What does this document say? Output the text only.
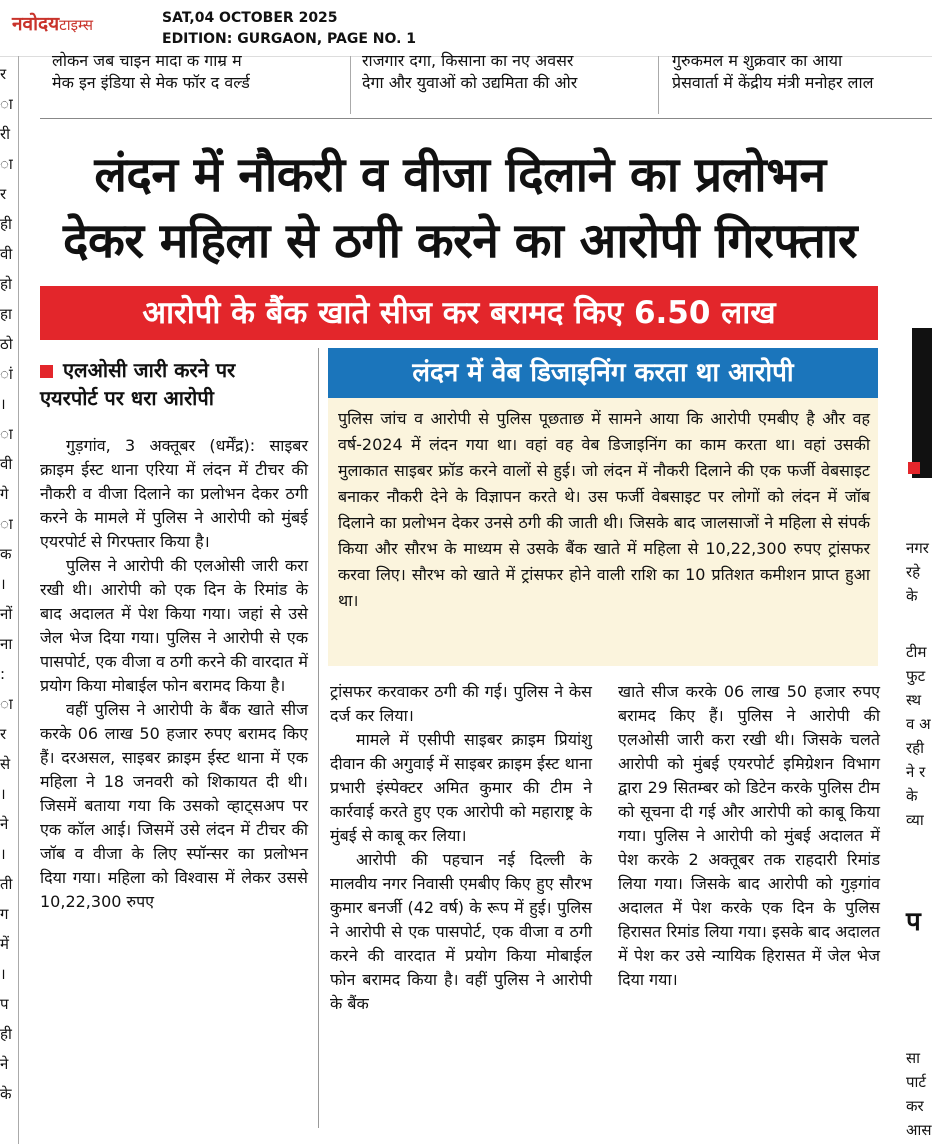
नवोदयटाइम्स	SAT,04 OCTOBER 2025
EDITION: GURGAON, PAGE NO. 1
लोकन जब चाइन मादा क गाम्र म
मेक इन इंडिया से मेक फॉर द वर्ल्ड
राजगार दगा, किसाना का नए अवसर
देगा और युवाओं को उद्यमिता की ओर
गुरुकमल म शुक्रवार का आया
प्रेसवार्ता में केंद्रीय मंत्री मनोहर लाल
र
ा
री
ा
र
ही
वी
हो
हा
ठो
ां
।
ा
वी
गे
ा
क
।
नों
ना
:
ा
र
से
।
ने
।
ती
ग
में
।
प
ही
ने
के
नगर
रहे
के
टीम
फुट
स्थ
व अ
रही
ने र
के
व्या
प
सा
पार्ट
कर
आस
लंदन में नौकरी व वीजा दिलाने का प्रलोभन
देकर महिला से ठगी करने का आरोपी गिरफ्तार
आरोपी के बैंक खाते सीज कर बरामद किए 6.50 लाख
एलओसी जारी करने पर
एयरपोर्ट पर धरा आरोपी

गुड़गांव, 3 अक्तूबर (धर्मेंद्र): साइबर क्राइम ईस्ट थाना एरिया में लंदन में टीचर की नौकरी व वीजा दिलाने का प्रलोभन देकर ठगी करने के मामले में पुलिस ने आरोपी को मुंबई एयरपोर्ट से गिरफ्तार किया है।

पुलिस ने आरोपी की एलओसी जारी करा रखी थी। आरोपी को एक दिन के रिमांड के बाद अदालत में पेश किया गया। जहां से उसे जेल भेज दिया गया। पुलिस ने आरोपी से एक पासपोर्ट, एक वीजा व ठगी करने की वारदात में प्रयोग किया मोबाईल फोन बरामद किया है।

वहीं पुलिस ने आरोपी के बैंक खाते सीज करके 06 लाख 50 हजार रुपए बरामद किए हैं। दरअसल, साइबर क्राइम ईस्ट थाना में एक महिला ने 18 जनवरी को शिकायत दी थी। जिसमें बताया गया कि उसको व्हाट्सअप पर एक कॉल आई। जिसमें उसे लंदन में टीचर की जॉब व वीजा के लिए स्पॉन्सर का प्रलोभन दिया गया। महिला को विश्वास में लेकर उससे 10,22,300 रुपए

लंदन में वेब डिजाइनिंग करता था आरोपी
पुलिस जांच व आरोपी से पुलिस पूछताछ में सामने आया कि आरोपी एमबीए है और वह वर्ष-2024 में लंदन गया था। वहां वह वेब डिजाइनिंग का काम करता था। वहां उसकी मुलाकात साइबर फ्रॉड करने वालों से हुई। जो लंदन में नौकरी दिलाने की एक फर्जी वेबसाइट बनाकर नौकरी देने के विज्ञापन करते थे। उस फर्जी वेबसाइट पर लोगों को लंदन में जॉब दिलाने का प्रलोभन देकर उनसे ठगी की जाती थी। जिसके बाद जालसाजों ने महिला से संपर्क किया और सौरभ के माध्यम से उसके बैंक खाते में महिला से 10,22,300 रुपए ट्रांसफर करवा लिए। सौरभ को खाते में ट्रांसफर होने वाली राशि का 10 प्रतिशत कमीशन प्राप्त हुआ था।

ट्रांसफर करवाकर ठगी की गई। पुलिस ने केस दर्ज कर लिया।

मामले में एसीपी साइबर क्राइम प्रियांशु दीवान की अगुवाई में साइबर क्राइम ईस्ट थाना प्रभारी इंस्पेक्टर अमित कुमार की टीम ने कार्रवाई करते हुए एक आरोपी को महाराष्ट्र के मुंबई से काबू कर लिया।

आरोपी की पहचान नई दिल्ली के मालवीय नगर निवासी एमबीए किए हुए सौरभ कुमार बनर्जी (42 वर्ष) के रूप में हुई। पुलिस ने आरोपी से एक पासपोर्ट, एक वीजा व ठगी करने की वारदात में प्रयोग किया मोबाईल फोन बरामद किया है। वहीं पुलिस ने आरोपी के बैंक

खाते सीज करके 06 लाख 50 हजार रुपए बरामद किए हैं। पुलिस ने आरोपी की एलओसी जारी करा रखी थी। जिसके चलते आरोपी को मुंबई एयरपोर्ट इमिग्रेशन विभाग द्वारा 29 सितम्बर को डिटेन करके पुलिस टीम को सूचना दी गई और आरोपी को काबू किया गया। पुलिस ने आरोपी को मुंबई अदालत में पेश करके 2 अक्तूबर तक राहदारी रिमांड लिया गया। जिसके बाद आरोपी को गुड़गांव अदालत में पेश करके एक दिन के पुलिस हिरासत रिमांड लिया गया। इसके बाद अदालत में पेश कर उसे न्यायिक हिरासत में जेल भेज दिया गया।
